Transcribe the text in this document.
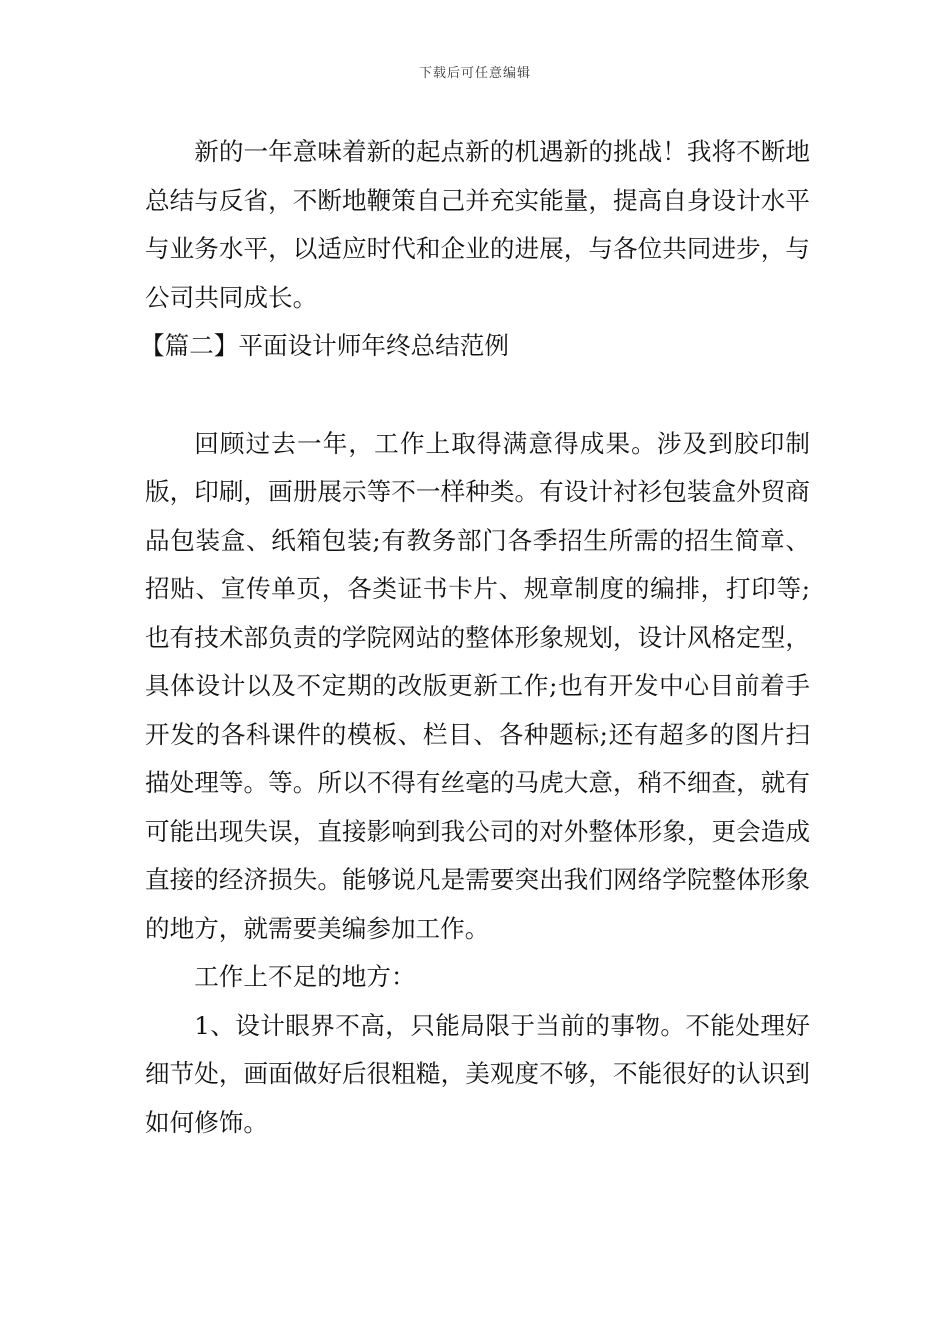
下载后可任意编辑

新的一年意味着新的起点新的机遇新的挑战！我将不断地总结与反省，不断地鞭策自己并充实能量，提高自身设计水平与业务水平，以适应时代和企业的进展，与各位共同进步，与公司共同成长。

【篇二】平面设计师年终总结范例

回顾过去一年，工作上取得满意得成果。涉及到胶印制版，印刷，画册展示等不一样种类。有设计衬衫包装盒外贸商品包装盒、纸箱包装;有教务部门各季招生所需的招生简章、招贴、宣传单页，各类证书卡片、规章制度的编排，打印等;也有技术部负责的学院网站的整体形象规划，设计风格定型，具体设计以及不定期的改版更新工作;也有开发中心目前着手开发的各科课件的模板、栏目、各种题标;还有超多的图片扫描处理等。等。所以不得有丝毫的马虎大意，稍不细查，就有可能出现失误，直接影响到我公司的对外整体形象，更会造成直接的经济损失。能够说凡是需要突出我们网络学院整体形象的地方，就需要美编参加工作。

工作上不足的地方：

1、设计眼界不高，只能局限于当前的事物。不能处理好细节处，画面做好后很粗糙，美观度不够，不能很好的认识到如何修饰。
